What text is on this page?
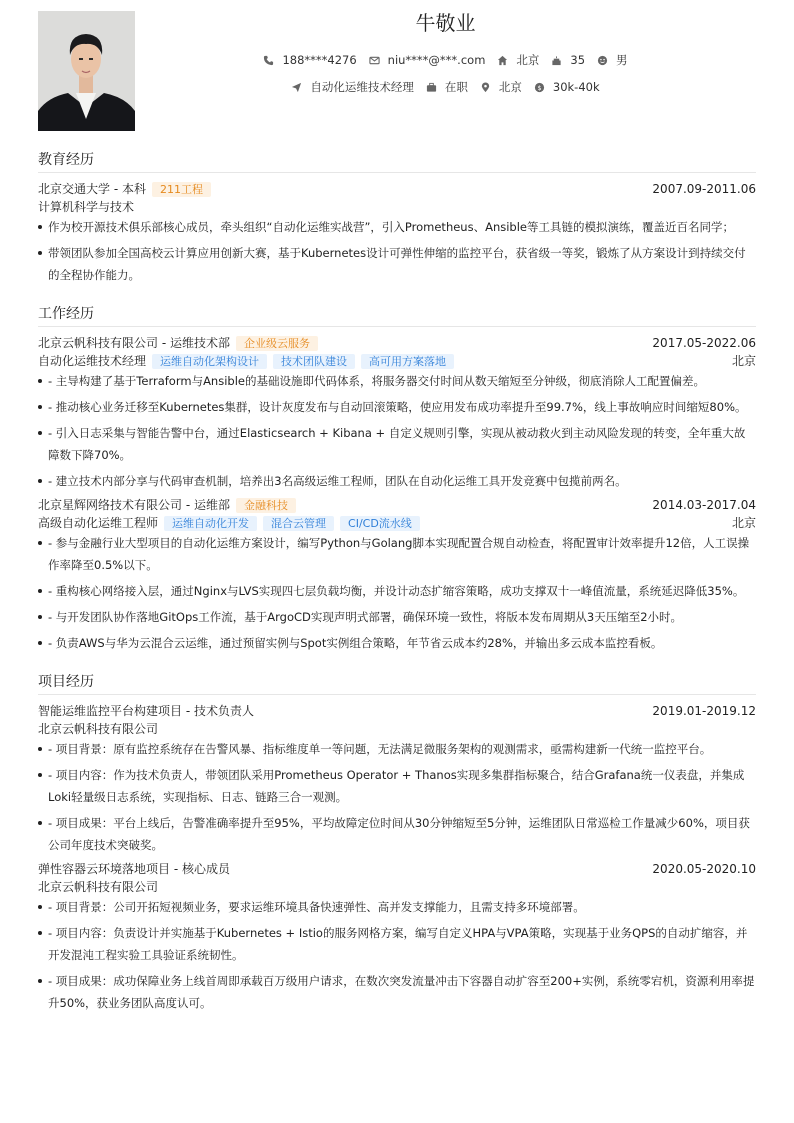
牛敬业
188****4276	niu****@***.com	北京	35	男
自动化运维技术经理	在职	北京 $ 30k-40k
教育经历
北京交通大学 - 本科	211工程	2007.09-2011.06
计算机科学与技术
作为校开源技术俱乐部核心成员，牵头组织“自动化运维实战营”，引入Prometheus、Ansible等工具链的模拟演练，覆盖近百名同学；
带领团队参加全国高校云计算应用创新大赛，基于Kubernetes设计可弹性伸缩的监控平台，获省级一等奖，锻炼了从方案设计到持续交付的全程协作能力。
工作经历
北京云帆科技有限公司 - 运维技术部	企业级云服务	2017.05-2022.06
自动化运维技术经理	运维自动化架构设计	技术团队建设	高可用方案落地	北京
- 主导构建了基于Terraform与Ansible的基础设施即代码体系，将服务器交付时间从数天缩短至分钟级，彻底消除人工配置偏差。
- 推动核心业务迁移至Kubernetes集群，设计灰度发布与自动回滚策略，使应用发布成功率提升至99.7%，线上事故响应时间缩短80%。
- 引入日志采集与智能告警中台，通过Elasticsearch + Kibana + 自定义规则引擎，实现从被动救火到主动风险发现的转变，全年重大故障数下降70%。
- 建立技术内部分享与代码审查机制，培养出3名高级运维工程师，团队在自动化运维工具开发竞赛中包揽前两名。
北京星辉网络技术有限公司 - 运维部	金融科技	2014.03-2017.04
高级自动化运维工程师	运维自动化开发	混合云管理	CI/CD流水线	北京
- 参与金融行业大型项目的自动化运维方案设计，编写Python与Golang脚本实现配置合规自动检查，将配置审计效率提升12倍，人工误操作率降至0.5%以下。
- 重构核心网络接入层，通过Nginx与LVS实现四七层负载均衡，并设计动态扩缩容策略，成功支撑双十一峰值流量，系统延迟降低35%。
- 与开发团队协作落地GitOps工作流，基于ArgoCD实现声明式部署，确保环境一致性，将版本发布周期从3天压缩至2小时。
- 负责AWS与华为云混合云运维，通过预留实例与Spot实例组合策略，年节省云成本约28%，并输出多云成本监控看板。
项目经历
智能运维监控平台构建项目 - 技术负责人	2019.01-2019.12
北京云帆科技有限公司
- 项目背景：原有监控系统存在告警风暴、指标维度单一等问题，无法满足微服务架构的观测需求，亟需构建新一代统一监控平台。
- 项目内容：作为技术负责人，带领团队采用Prometheus Operator + Thanos实现多集群指标聚合，结合Grafana统一仪表盘，并集成Loki轻量级日志系统，实现指标、日志、链路三合一观测。
- 项目成果：平台上线后，告警准确率提升至95%，平均故障定位时间从30分钟缩短至5分钟，运维团队日常巡检工作量减少60%，项目获公司年度技术突破奖。
弹性容器云环境落地项目 - 核心成员	2020.05-2020.10
北京云帆科技有限公司
- 项目背景：公司开拓短视频业务，要求运维环境具备快速弹性、高并发支撑能力，且需支持多环境部署。
- 项目内容：负责设计并实施基于Kubernetes + Istio的服务网格方案，编写自定义HPA与VPA策略，实现基于业务QPS的自动扩缩容，并开发混沌工程实验工具验证系统韧性。
- 项目成果：成功保障业务上线首周即承载百万级用户请求，在数次突发流量冲击下容器自动扩容至200+实例，系统零宕机，资源利用率提升50%，获业务团队高度认可。
